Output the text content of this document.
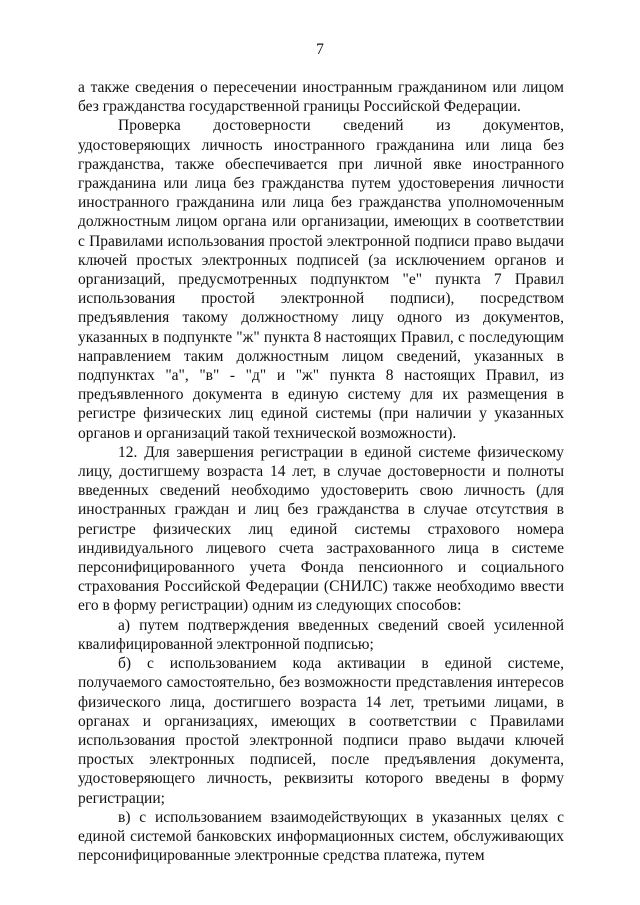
7

а также сведения о пересечении иностранным гражданином или лицом без гражданства государственной границы Российской Федерации.

Проверка достоверности сведений из документов, удостоверяющих личность иностранного гражданина или лица без гражданства, также обеспечивается при личной явке иностранного гражданина или лица без гражданства путем удостоверения личности иностранного гражданина или лица без гражданства уполномоченным должностным лицом органа или организации, имеющих в соответствии с Правилами использования простой электронной подписи право выдачи ключей простых электронных подписей (за исключением органов и организаций, предусмотренных подпунктом "е" пункта 7 Правил использования простой электронной подписи), посредством предъявления такому должностному лицу одного из документов, указанных в подпункте "ж" пункта 8 настоящих Правил, с последующим направлением таким должностным лицом сведений, указанных в подпунктах "а", "в" - "д" и "ж" пункта 8 настоящих Правил, из предъявленного документа в единую систему для их размещения в регистре физических лиц единой системы (при наличии у указанных органов и организаций такой технической возможности).

12. Для завершения регистрации в единой системе физическому лицу, достигшему возраста 14 лет, в случае достоверности и полноты введенных сведений необходимо удостоверить свою личность (для иностранных граждан и лиц без гражданства в случае отсутствия в регистре физических лиц единой системы страхового номера индивидуального лицевого счета застрахованного лица в системе персонифицированного учета Фонда пенсионного и социального страхования Российской Федерации (СНИЛС) также необходимо ввести его в форму регистрации) одним из следующих способов:

а) путем подтверждения введенных сведений своей усиленной квалифицированной электронной подписью;

б) с использованием кода активации в единой системе, получаемого самостоятельно, без возможности представления интересов физического лица, достигшего возраста 14 лет, третьими лицами, в органах и организациях, имеющих в соответствии с Правилами использования простой электронной подписи право выдачи ключей простых электронных подписей, после предъявления документа, удостоверяющего личность, реквизиты которого введены в форму регистрации;

в) с использованием взаимодействующих в указанных целях с единой системой банковских информационных систем, обслуживающих персонифицированные электронные средства платежа, путем
